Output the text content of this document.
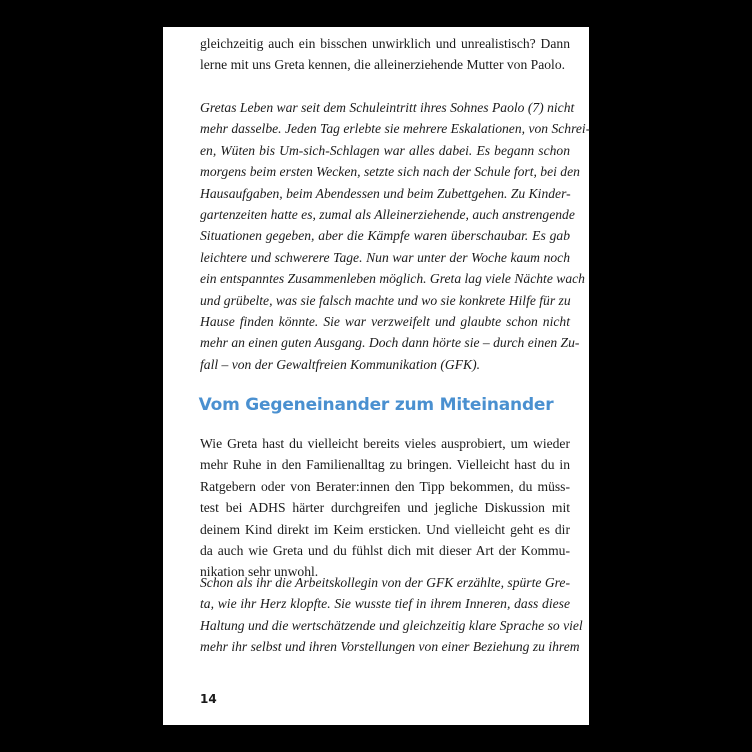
gleichzeitig auch ein bisschen unwirklich und unrealistisch? Dann
lerne mit uns Greta kennen, die alleinerziehende Mutter von Paolo.

Gretas Leben war seit dem Schuleintritt ihres Sohnes Paolo (7) nicht
mehr dasselbe. Jeden Tag erlebte sie mehrere Eskalationen, von Schrei-
en, Wüten bis Um-sich-Schlagen war alles dabei. Es begann schon
morgens beim ersten Wecken, setzte sich nach der Schule fort, bei den
Hausaufgaben, beim Abendessen und beim Zubettgehen. Zu Kinder-
gartenzeiten hatte es, zumal als Alleinerziehende, auch anstrengende
Situationen gegeben, aber die Kämpfe waren überschaubar. Es gab
leichtere und schwerere Tage. Nun war unter der Woche kaum noch
ein entspanntes Zusammenleben möglich. Greta lag viele Nächte wach
und grübelte, was sie falsch machte und wo sie konkrete Hilfe für zu
Hause finden könnte. Sie war verzweifelt und glaubte schon nicht
mehr an einen guten Ausgang. Doch dann hörte sie – durch einen Zu-
fall – von der Gewaltfreien Kommunikation (GFK).

Vom Gegeneinander zum Miteinander

Wie Greta hast du vielleicht bereits vieles ausprobiert, um wieder
mehr Ruhe in den Familienalltag zu bringen. Vielleicht hast du in
Ratgebern oder von Berater:innen den Tipp bekommen, du müss-
test bei ADHS härter durchgreifen und jegliche Diskussion mit
deinem Kind direkt im Keim ersticken. Und vielleicht geht es dir
da auch wie Greta und du fühlst dich mit dieser Art der Kommu-
nikation sehr unwohl.

Schon als ihr die Arbeitskollegin von der GFK erzählte, spürte Gre-
ta, wie ihr Herz klopfte. Sie wusste tief in ihrem Inneren, dass diese
Haltung und die wertschätzende und gleichzeitig klare Sprache so viel
mehr ihr selbst und ihren Vorstellungen von einer Beziehung zu ihrem

14
